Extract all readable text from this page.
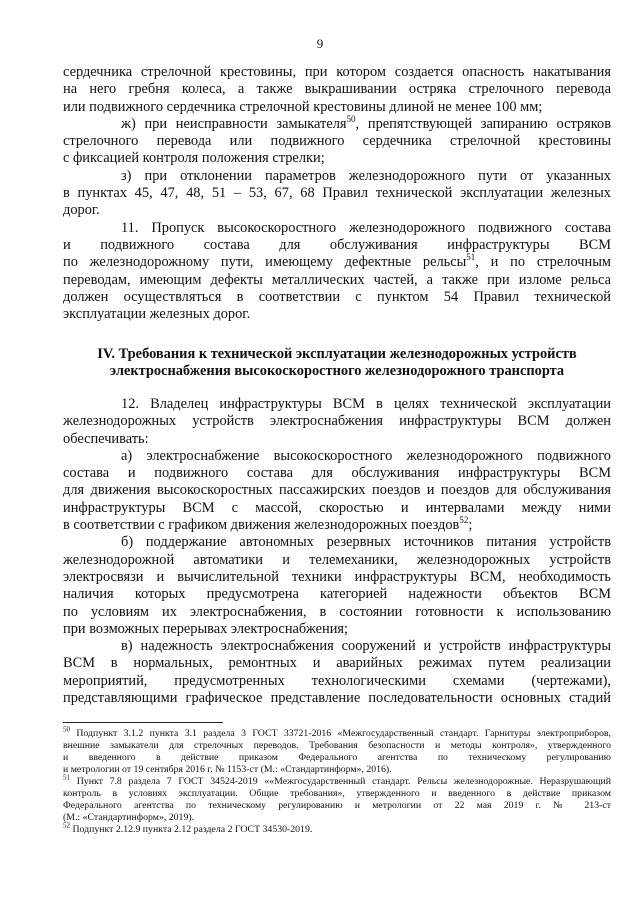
9
сердечника стрелочной крестовины, при котором создается опасность накатывания
на него гребня колеса, а также выкрашивании остряка стрелочного перевода
или подвижного сердечника стрелочной крестовины длиной не менее 100 мм;
ж) при неисправности замыкателя$^{50}$, препятствующей запиранию остряков
стрелочного перевода или подвижного сердечника стрелочной крестовины
с фиксацией контроля положения стрелки;
з) при отклонении параметров железнодорожного пути от указанных
в пунктах 45, 47, 48, 51 – 53, 67, 68 Правил технической эксплуатации железных
дорог.
11. Пропуск высокоскоростного железнодорожного подвижного состава
и подвижного состава для обслуживания инфраструктуры ВСМ
по железнодорожному пути, имеющему дефектные рельсы$^{51}$, и по стрелочным
переводам, имеющим дефекты металлических частей, а также при изломе рельса
должен осуществляться в соответствии с пунктом 54 Правил технической
эксплуатации железных дорог.
IV. Требования к технической эксплуатации железнодорожных устройств
электроснабжения высокоскоростного железнодорожного транспорта
12. Владелец инфраструктуры ВСМ в целях технической эксплуатации
железнодорожных устройств электроснабжения инфраструктуры ВСМ должен
обеспечивать:
а) электроснабжение высокоскоростного железнодорожного подвижного
состава и подвижного состава для обслуживания инфраструктуры ВСМ
для движения высокоскоростных пассажирских поездов и поездов для обслуживания
инфраструктуры ВСМ с массой, скоростью и интервалами между ними
в соответствии с графиком движения железнодорожных поездов$^{52}$;
б) поддержание автономных резервных источников питания устройств
железнодорожной автоматики и телемеханики, железнодорожных устройств
электросвязи и вычислительной техники инфраструктуры ВСМ, необходимость
наличия которых предусмотрена категорией надежности объектов ВСМ
по условиям их электроснабжения, в состоянии готовности к использованию
при возможных перерывах электроснабжения;
в) надежность электроснабжения сооружений и устройств инфраструктуры
ВСМ в нормальных, ремонтных и аварийных режимах путем реализации
мероприятий, предусмотренных технологическими схемами (чертежами),
представляющими графическое представление последовательности основных стадий
$^{50}$ Подпункт 3.1.2 пункта 3.1 раздела 3 ГОСТ 33721-2016 «Межгосударственный стандарт. Гарнитуры электроприборов,
внешние замыкатели для стрелочных переводов. Требования безопасности и методы контроля», утвержденного
и введенного в действие приказом Федерального агентства по техническому регулированию
и метрологии от 19 сентября 2016 г. № 1153-ст (М.: «Стандартинформ», 2016).
$^{51}$ Пункт 7.8 раздела 7 ГОСТ 34524-2019 ««Межгосударственный стандарт. Рельсы железнодорожные. Неразрушающий
контроль в условиях эксплуатации. Общие требования», утвержденного и введенного в действие приказом
Федерального агентства по техническому регулированию и метрологии от 22 мая 2019 г. № 213-ст
(М.: «Стандартинформ», 2019).
$^{52}$ Подпункт 2.12.9 пункта 2.12 раздела 2 ГОСТ 34530-2019.
